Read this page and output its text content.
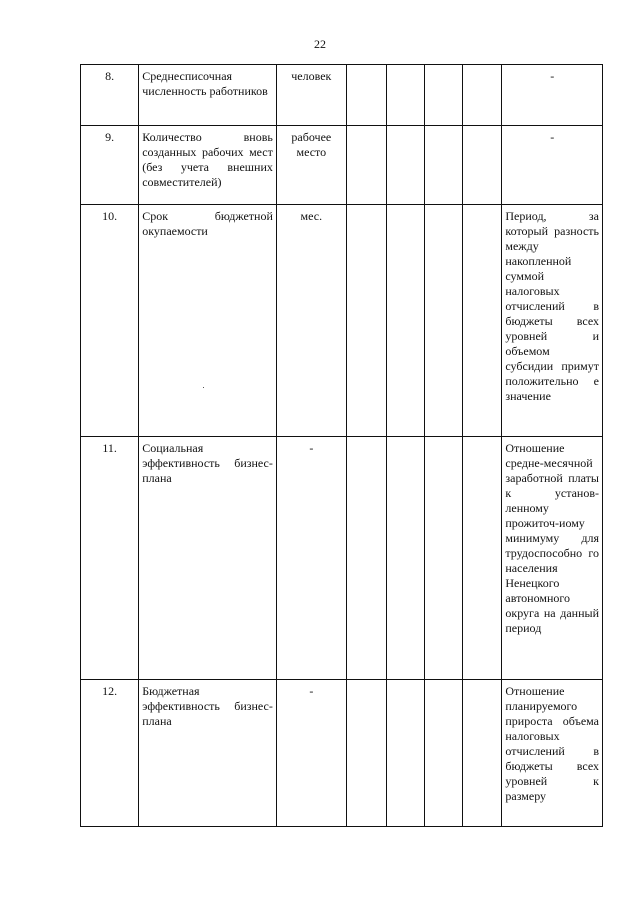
22
8.	Среднесписочная численность работников	человек					-
9.	Количество вновь созданных рабочих мест (без учета внешних совместителей)	рабочее место					-
10.	Срок бюджетной окупаемости	мес.					Период, за который разность между накопленной суммой налоговых отчислений в бюджеты всех уровней и объемом субсидии примут положительно е значение
11.	Социальная эффективность бизнес-плана	-					Отношение средне-месячной заработной платы к установ-ленному прожиточ-иому минимуму для трудоспособно го населения Ненецкого автономного округа на данный период
12.	Бюджетная эффективность бизнес-плана	-					Отношение планируемого прироста объема налоговых отчислений в бюджеты всех уровней к размеру
